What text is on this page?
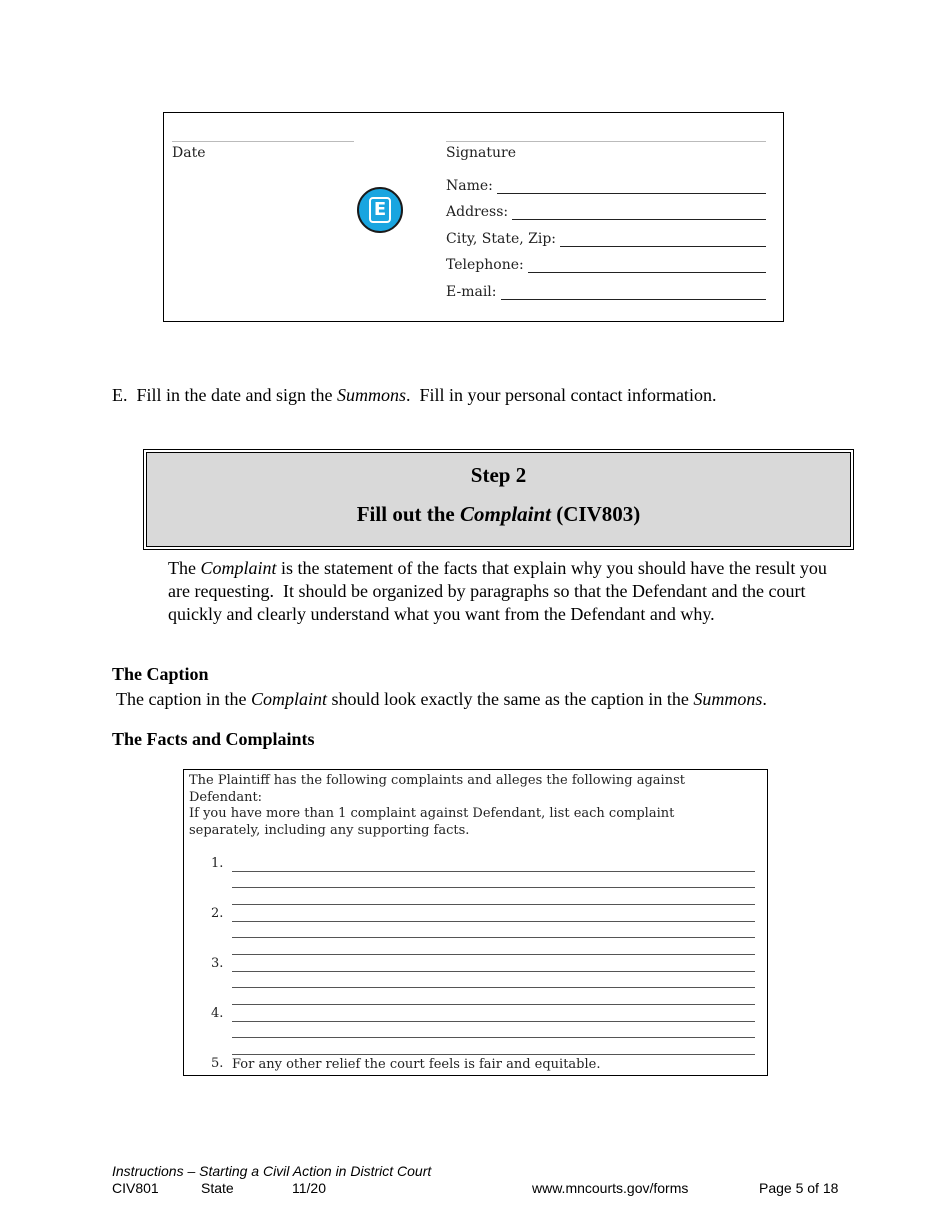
Date	Signature
E
Name:
Address:
City, State, Zip:
Telephone:
E-mail:
E. Fill in the date and sign the Summons.  Fill in your personal contact information.
Step 2
Fill out the Complaint (CIV803)
The Complaint is the statement of the facts that explain why you should have the result you are requesting.  It should be organized by paragraphs so that the Defendant and the court quickly and clearly understand what you want from the Defendant and why.
The Caption
The caption in the Complaint should look exactly the same as the caption in the Summons.
The Facts and Complaints
The Plaintiff has the following complaints and alleges the following against Defendant:
If you have more than 1 complaint against Defendant, list each complaint separately, including any supporting facts.
1.
2.
3.
4.
5. For any other relief the court feels is fair and equitable.
Instructions – Starting a Civil Action in District Court
CIV801	State	11/20	www.mncourts.gov/forms	Page 5 of 18
